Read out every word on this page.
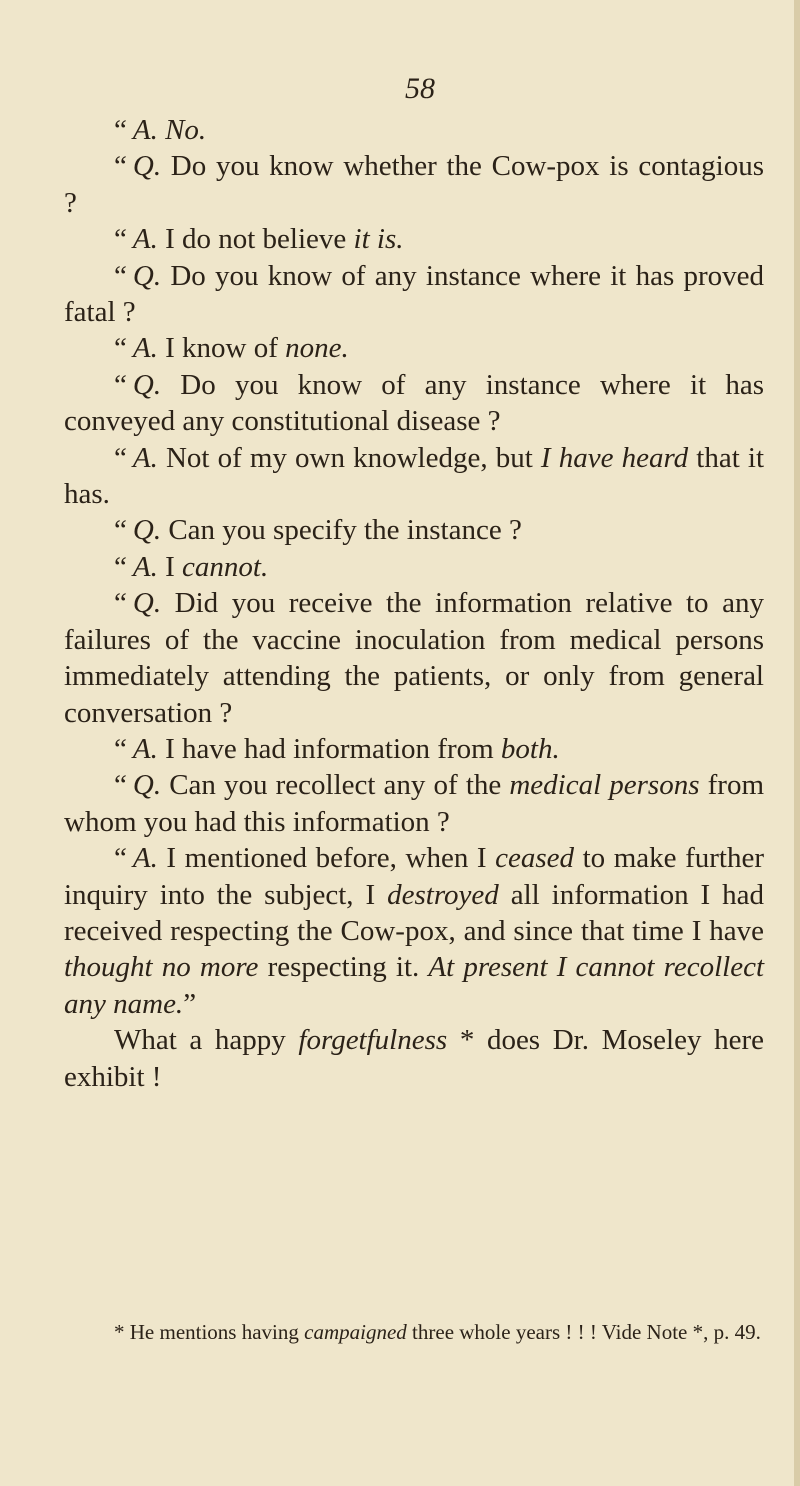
58

“ A. No.

“ Q. Do you know whether the Cow-pox is contagious ?

“ A. I do not believe it is.

“ Q. Do you know of any instance where it has proved fatal ?

“ A. I know of none.

“ Q. Do you know of any instance where it has conveyed any constitutional disease ?

“ A. Not of my own knowledge, but I have heard that it has.

“ Q. Can you specify the instance ?

“ A. I cannot.

“ Q. Did you receive the information relative to any failures of the vaccine inoculation from medical persons immediately attending the patients, or only from general conversation ?

“ A. I have had information from both.

“ Q. Can you recollect any of the medical persons from whom you had this information ?

“ A. I mentioned before, when I ceased to make further inquiry into the subject, I destroyed all information I had received respecting the Cow-pox, and since that time I have thought no more respecting it. At present I cannot recollect any name.”

What a happy forgetfulness * does Dr. Moseley here exhibit !

* He mentions having campaigned three whole years ! ! ! Vide Note *, p. 49.
